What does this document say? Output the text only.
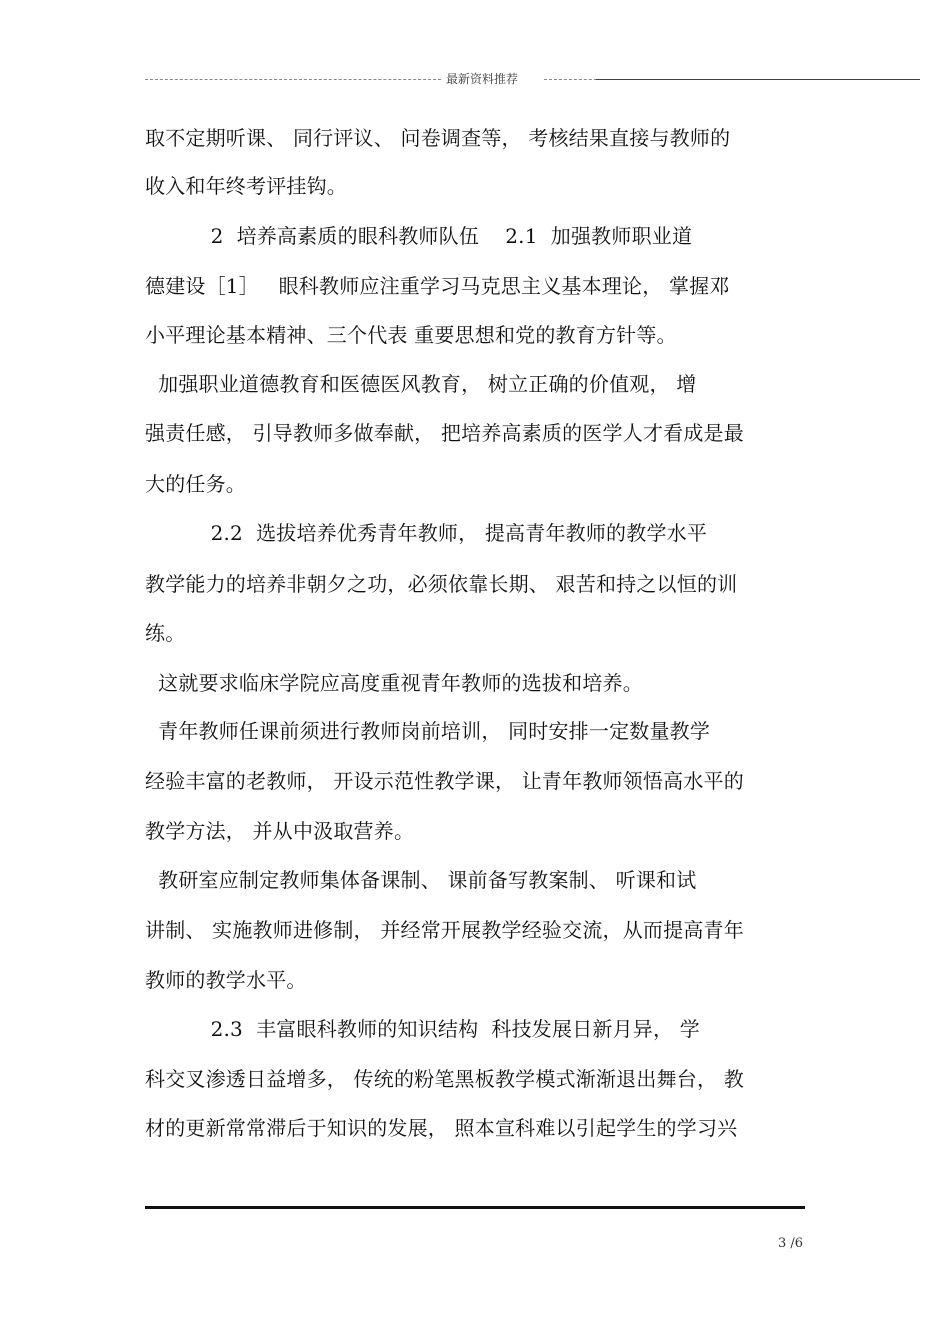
最新资料推荐
取不定期听课、 同行评议、 问卷调查等， 考核结果直接与教师的
收入和年终考评挂钩。
2  培养高素质的眼科教师队伍    2.1  加强教师职业道
德建设［1］   眼科教师应注重学习马克思主义基本理论， 掌握邓
小平理论基本精神、三个代表 重要思想和党的教育方针等。
加强职业道德教育和医德医风教育， 树立正确的价值观， 增
强责任感， 引导教师多做奉献， 把培养高素质的医学人才看成是最
大的任务。
2.2  选拔培养优秀青年教师， 提高青年教师的教学水平
教学能力的培养非朝夕之功，必须依靠长期、 艰苦和持之以恒的训
练。
这就要求临床学院应高度重视青年教师的选拔和培养。
青年教师任课前须进行教师岗前培训， 同时安排一定数量教学
经验丰富的老教师， 开设示范性教学课， 让青年教师领悟高水平的
教学方法， 并从中汲取营养。
教研室应制定教师集体备课制、 课前备写教案制、 听课和试
讲制、 实施教师进修制， 并经常开展教学经验交流，从而提高青年
教师的教学水平。
2.3  丰富眼科教师的知识结构  科技发展日新月异， 学
科交叉渗透日益增多， 传统的粉笔黑板教学模式渐渐退出舞台， 教
材的更新常常滞后于知识的发展， 照本宣科难以引起学生的学习兴
3 /6
